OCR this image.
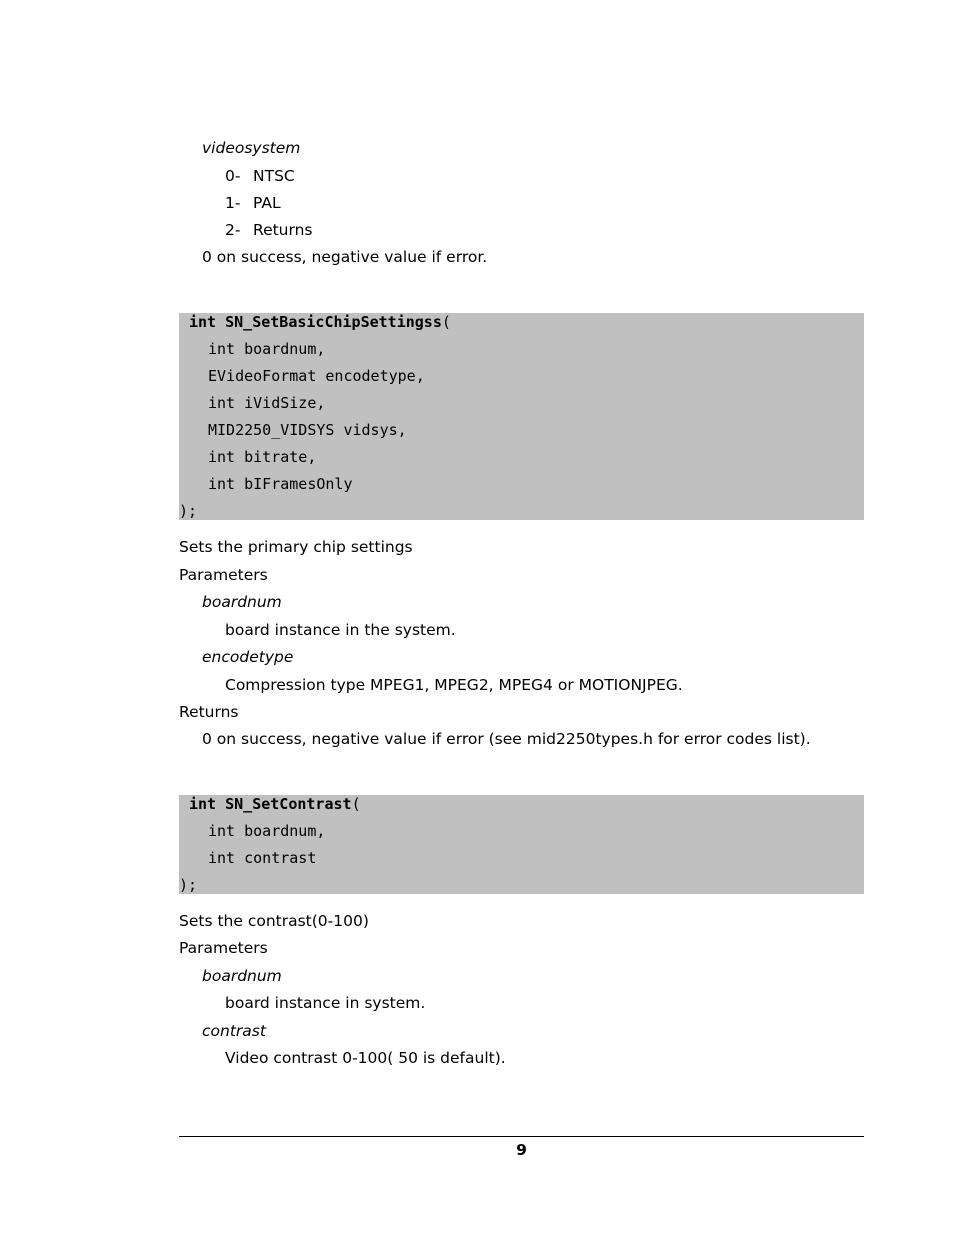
videosystem
0- NTSC
1- PAL
2- Returns
0 on success, negative value if error.
int SN_SetBasicChipSettingss(
int boardnum,
EVideoFormat encodetype,
int iVidSize,
MID2250_VIDSYS vidsys,
int bitrate,
int bIFramesOnly
);
Sets the primary chip settings
Parameters
boardnum
board instance in the system.
encodetype
Compression type MPEG1, MPEG2, MPEG4 or MOTIONJPEG.
Returns
0 on success, negative value if error (see mid2250types.h for error codes list).
int SN_SetContrast(
int boardnum,
int contrast
);
Sets the contrast(0-100)
Parameters
boardnum
board instance in system.
contrast
Video contrast 0-100( 50 is default).
9
